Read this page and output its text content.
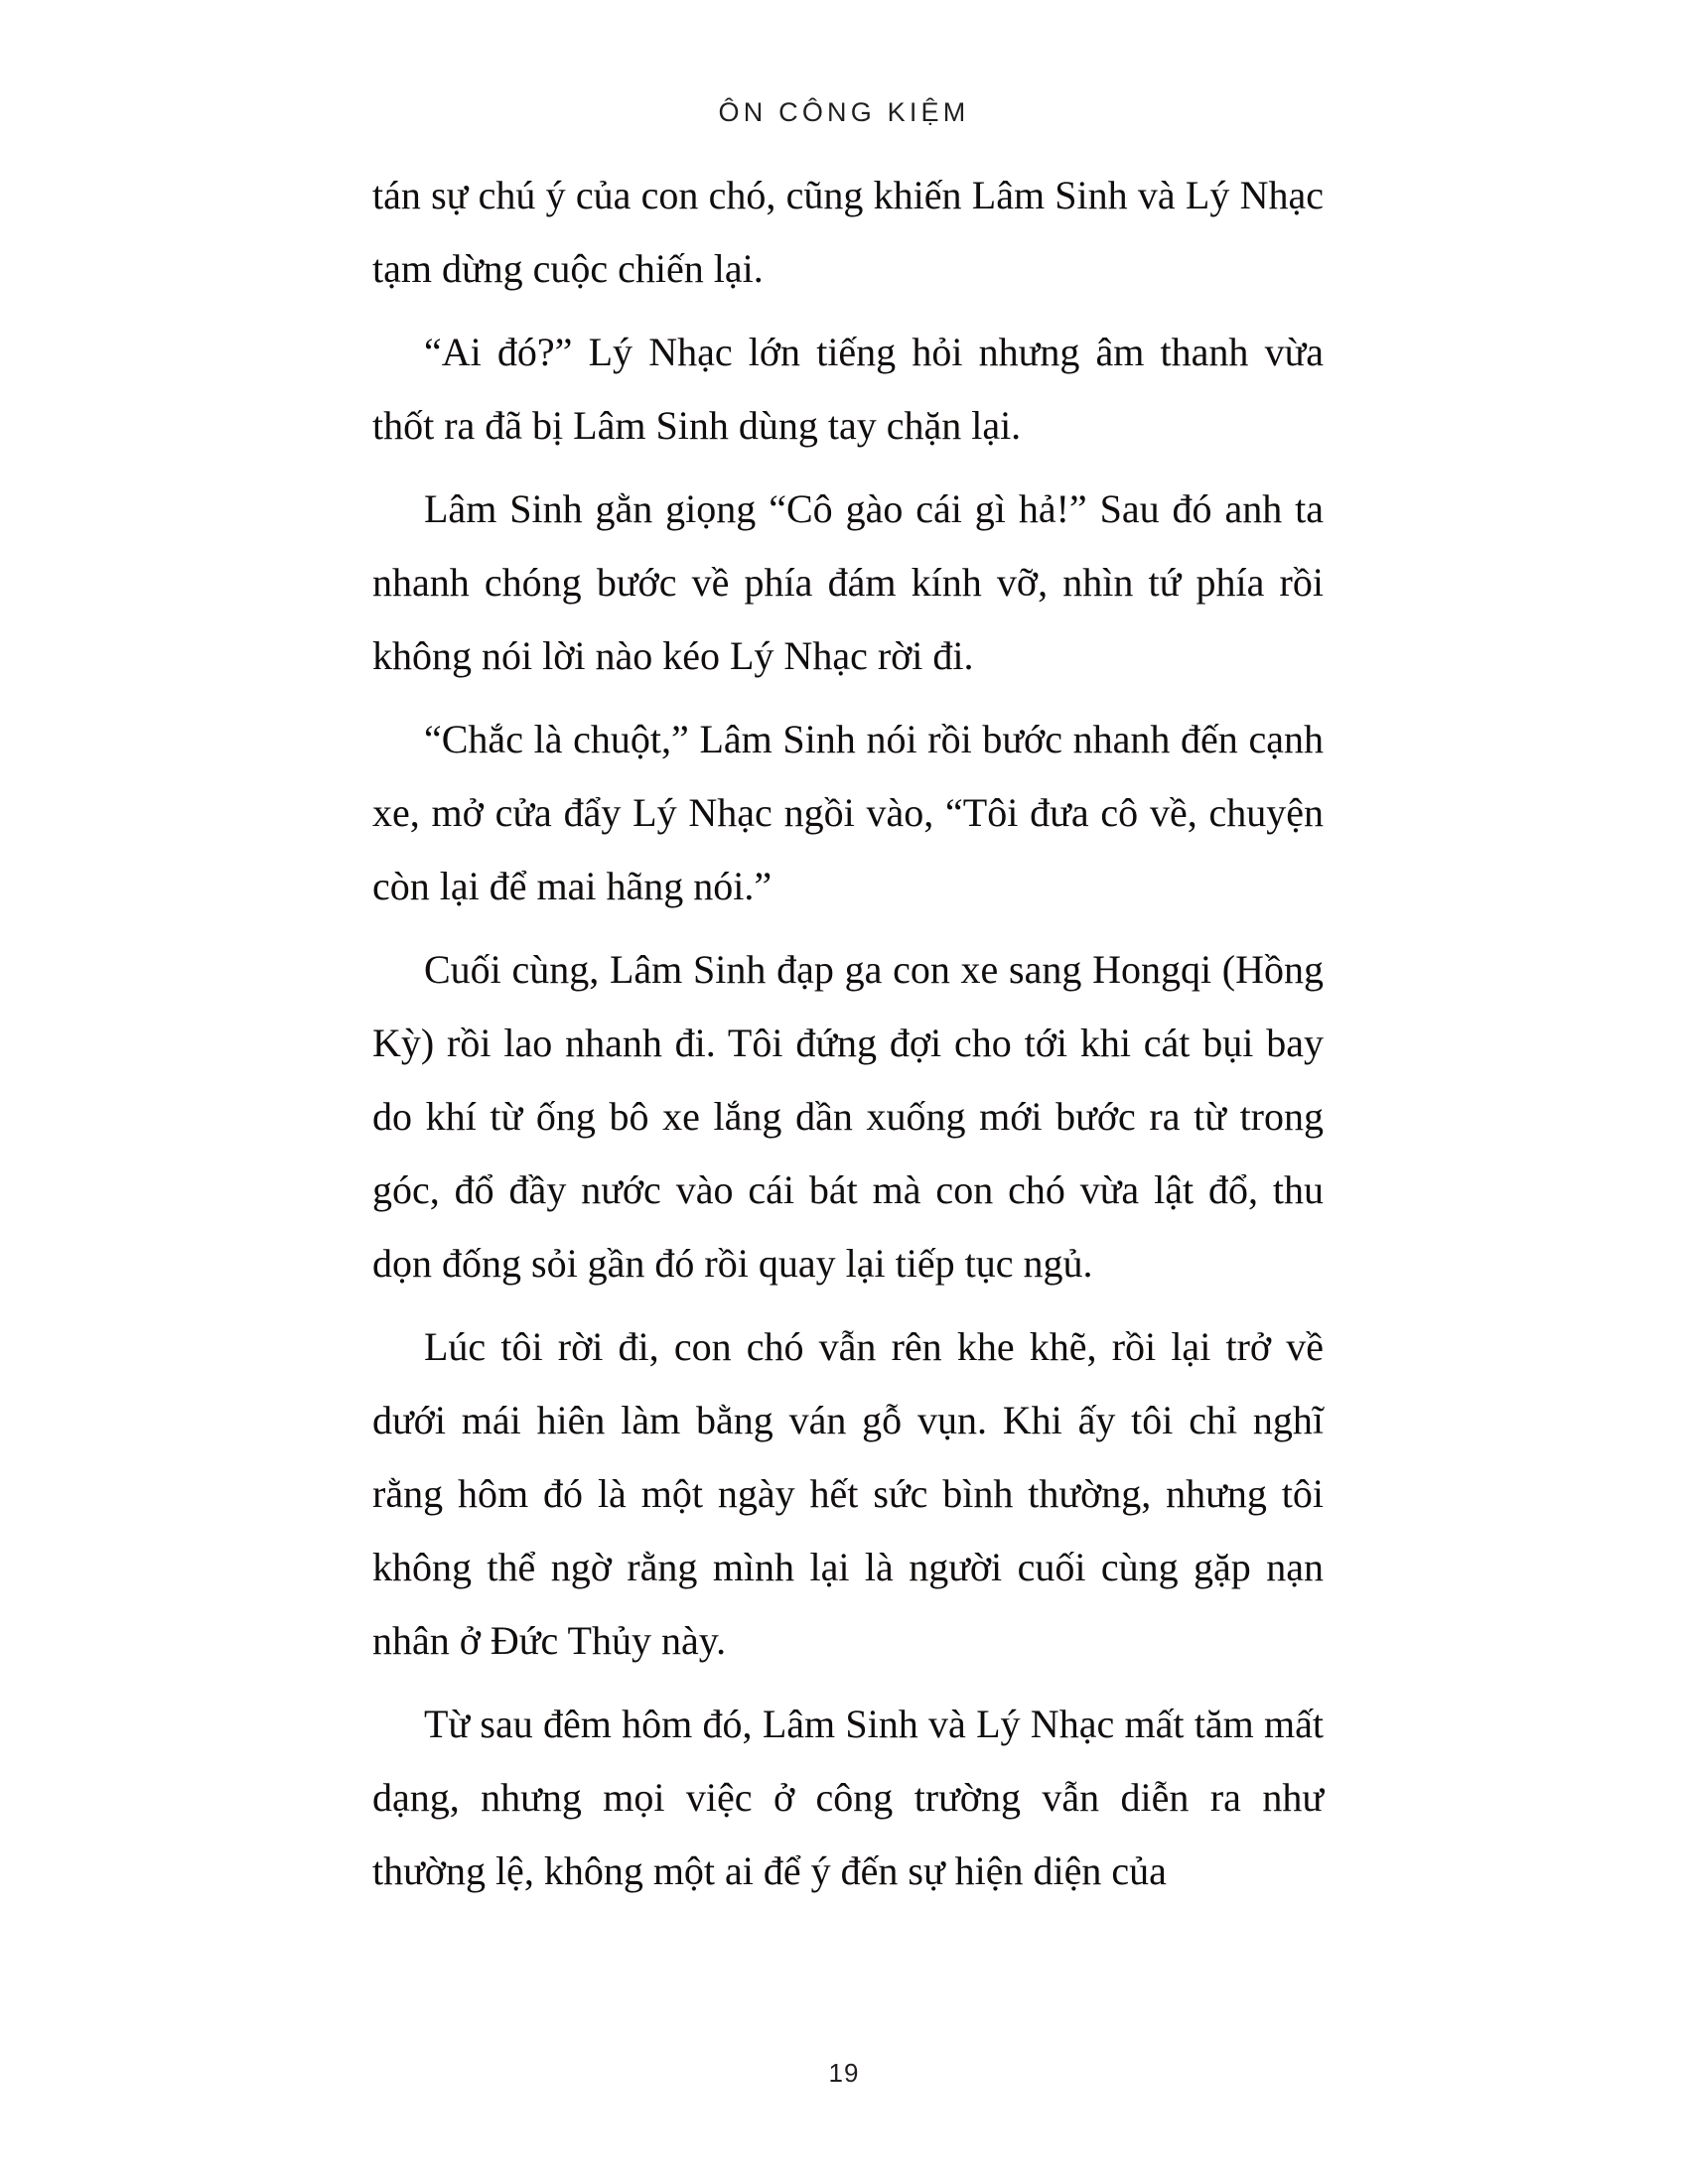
ÔN CÔNG KIỆM

tán sự chú ý của con chó, cũng khiến Lâm Sinh và Lý Nhạc tạm dừng cuộc chiến lại.

“Ai đó?” Lý Nhạc lớn tiếng hỏi nhưng âm thanh vừa thốt ra đã bị Lâm Sinh dùng tay chặn lại.

Lâm Sinh gằn giọng “Cô gào cái gì hả!” Sau đó anh ta nhanh chóng bước về phía đám kính vỡ, nhìn tứ phía rồi không nói lời nào kéo Lý Nhạc rời đi.

“Chắc là chuột,” Lâm Sinh nói rồi bước nhanh đến cạnh xe, mở cửa đẩy Lý Nhạc ngồi vào, “Tôi đưa cô về, chuyện còn lại để mai hãng nói.”

Cuối cùng, Lâm Sinh đạp ga con xe sang Hongqi (Hồng Kỳ) rồi lao nhanh đi. Tôi đứng đợi cho tới khi cát bụi bay do khí từ ống bô xe lắng dần xuống mới bước ra từ trong góc, đổ đầy nước vào cái bát mà con chó vừa lật đổ, thu dọn đống sỏi gần đó rồi quay lại tiếp tục ngủ.

Lúc tôi rời đi, con chó vẫn rên khe khẽ, rồi lại trở về dưới mái hiên làm bằng ván gỗ vụn. Khi ấy tôi chỉ nghĩ rằng hôm đó là một ngày hết sức bình thường, nhưng tôi không thể ngờ rằng mình lại là người cuối cùng gặp nạn nhân ở Đức Thủy này.

Từ sau đêm hôm đó, Lâm Sinh và Lý Nhạc mất tăm mất dạng, nhưng mọi việc ở công trường vẫn diễn ra như thường lệ, không một ai để ý đến sự hiện diện của

19
